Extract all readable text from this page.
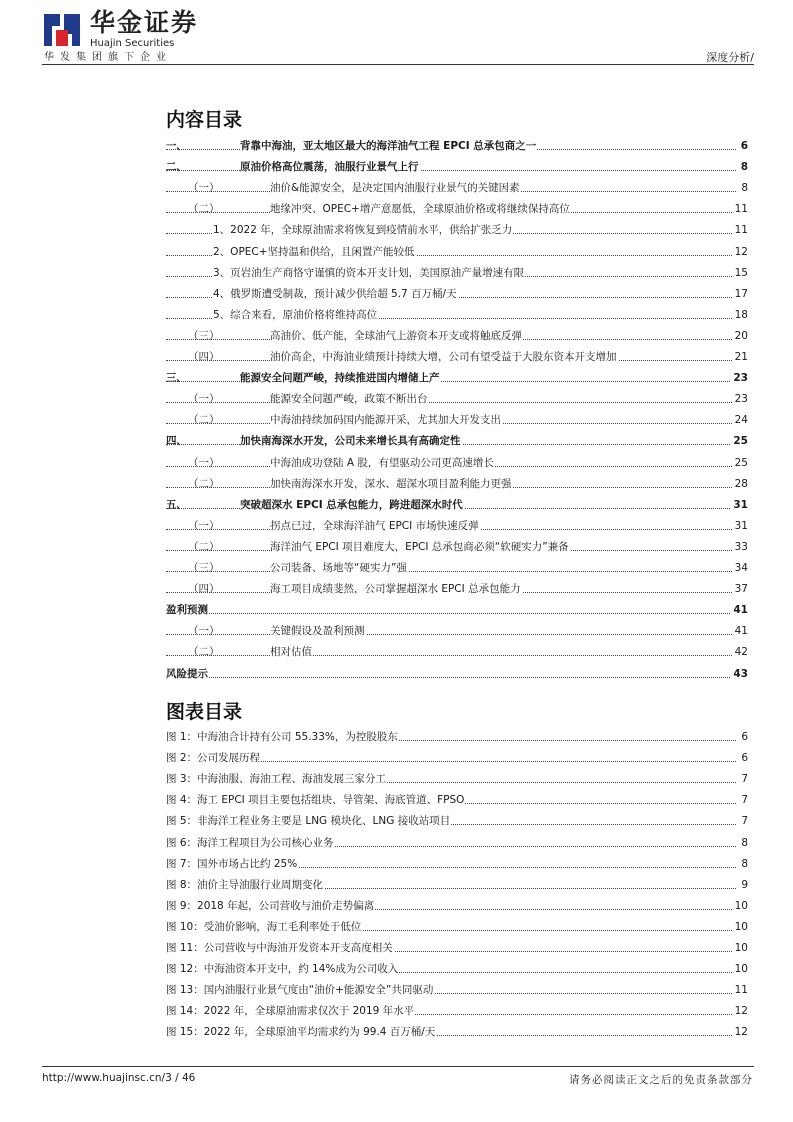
华金证券
Huajin Securities
华发集团旗下企业	深度分析/
内容目录
一、	背靠中海油，亚太地区最大的海洋油气工程 EPCI 总承包商之一	6
二、	原油价格高位震荡，油服行业景气上行	8
（一）	油价&能源安全，是决定国内油服行业景气的关键因素	8
（二）	地缘冲突、OPEC+增产意愿低，全球原油价格或将继续保持高位	11
1、2022 年，全球原油需求将恢复到疫情前水平，供给扩张乏力	11
2、OPEC+坚持温和供给，且闲置产能较低	12
3、页岩油生产商恪守谨慎的资本开支计划，美国原油产量增速有限	15
4、俄罗斯遭受制裁，预计减少供给超 5.7 百万桶/天	17
5、综合来看，原油价格将维持高位	18
（三）	高油价、低产能，全球油气上游资本开支或将触底反弹	20
（四）	油价高企，中海油业绩预计持续大增，公司有望受益于大股东资本开支增加	21
三、	能源安全问题严峻，持续推进国内增储上产	23
（一）	能源安全问题严峻，政策不断出台	23
（二）	中海油持续加码国内能源开采，尤其加大开发支出	24
四、	加快南海深水开发，公司未来增长具有高确定性	25
（一）	中海油成功登陆 A 股，有望驱动公司更高速增长	25
（二）	加快南海深水开发，深水、超深水项目盈利能力更强	28
五、	突破超深水 EPCI 总承包能力，跨进超深水时代	31
（一）	拐点已过，全球海洋油气 EPCI 市场快速反弹	31
（二）	海洋油气 EPCI 项目难度大，EPCI 总承包商必须“软硬实力”兼备	33
（三）	公司装备、场地等“硬实力”强	34
（四）	海工项目成绩斐然，公司掌握超深水 EPCI 总承包能力	37
盈利预测	41
（一）	关键假设及盈利预测	41
（二）	相对估值	42
风险提示	43
图表目录
图 1：中海油合计持有公司 55.33%，为控股股东	6
图 2：公司发展历程	6
图 3：中海油服、海油工程、海油发展三家分工	7
图 4：海工 EPCI 项目主要包括组块、导管架、海底管道、FPSO	7
图 5：非海洋工程业务主要是 LNG 模块化、LNG 接收站项目	7
图 6：海洋工程项目为公司核心业务	8
图 7：国外市场占比约 25%	8
图 8：油价主导油服行业周期变化	9
图 9：2018 年起，公司营收与油价走势偏离	10
图 10：受油价影响，海工毛利率处于低位	10
图 11：公司营收与中海油开发资本开支高度相关	10
图 12：中海油资本开支中，约 14%成为公司收入	10
图 13：国内油服行业景气度由“油价+能源安全”共同驱动	11
图 14：2022 年，全球原油需求仅次于 2019 年水平	12
图 15：2022 年，全球原油平均需求约为 99.4 百万桶/天	12
http://www.huajinsc.cn/3 / 46	请务必阅读正文之后的免责条款部分
